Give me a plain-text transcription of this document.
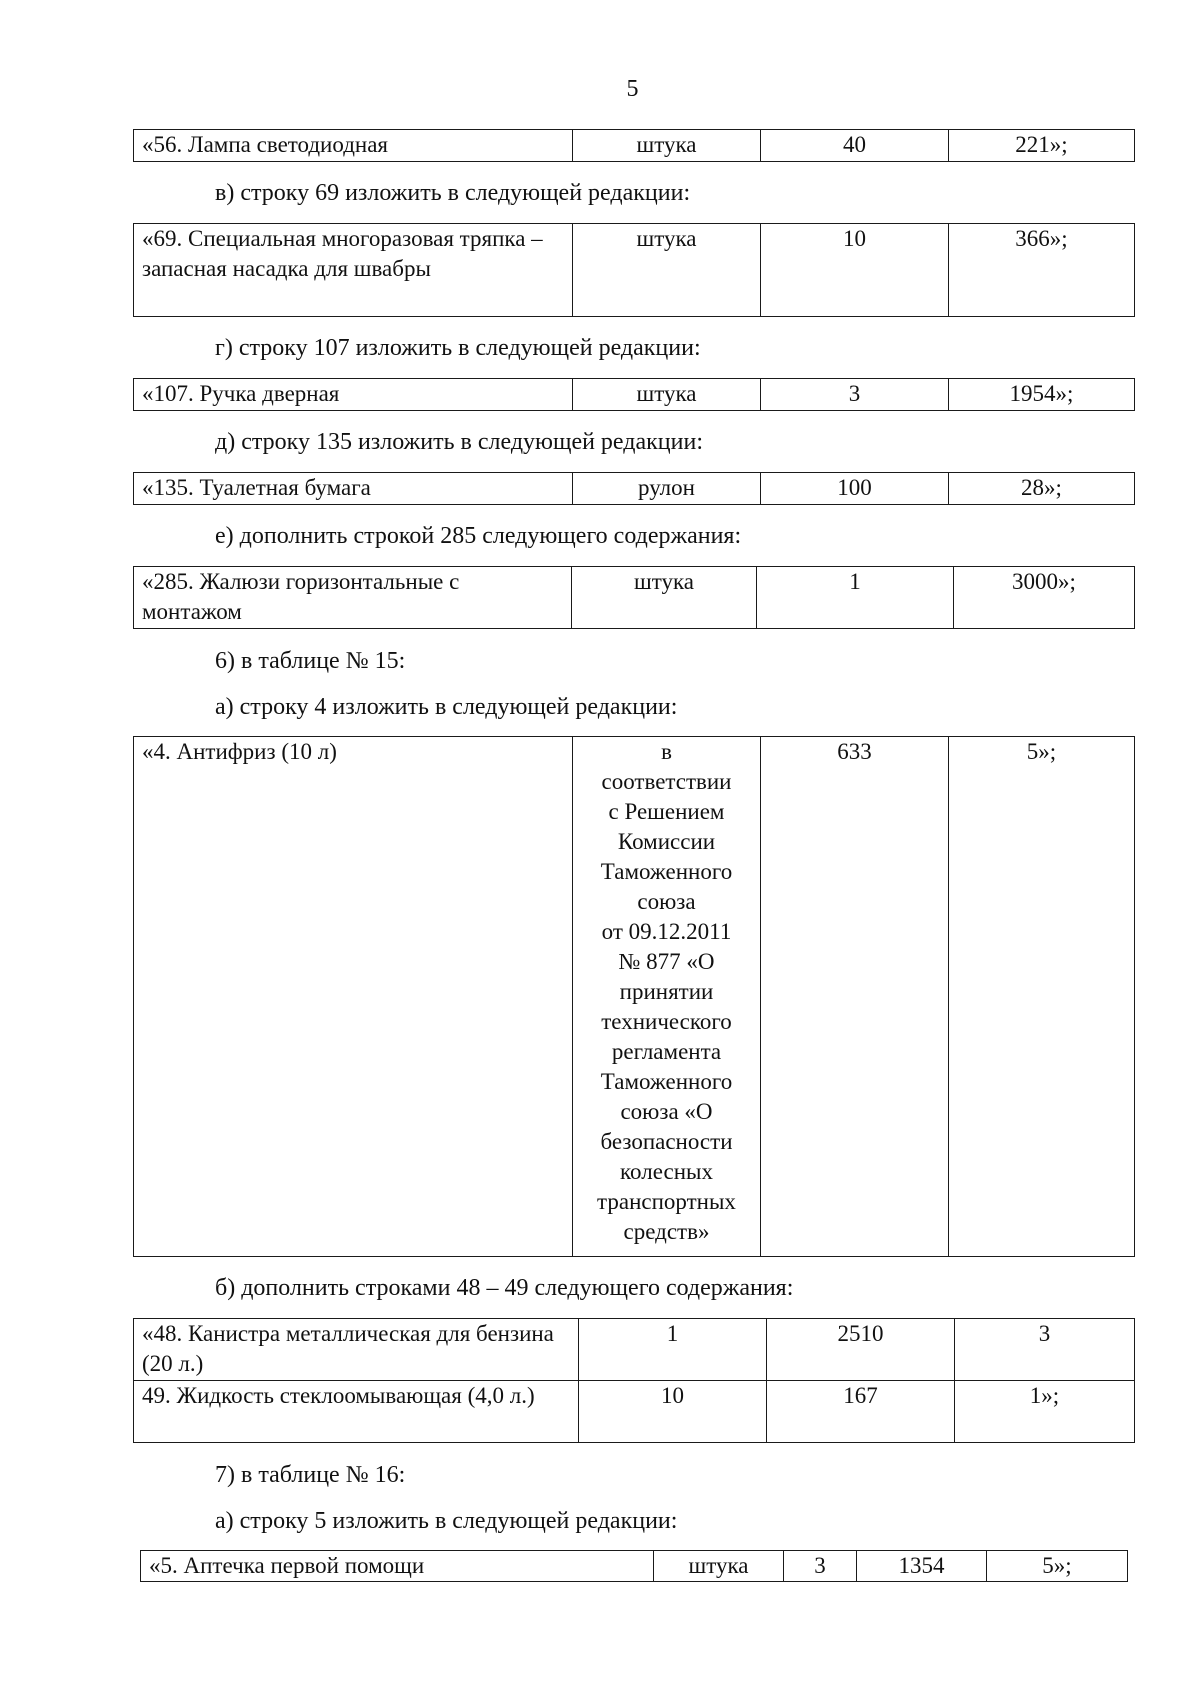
5
«56. Лампа светодиодная	штука	40	221»;

в) строку 69 изложить в следующей редакции:

«69. Специальная многоразовая тряпка – запасная насадка для швабры	штука	10	366»;

г) строку 107 изложить в следующей редакции:

«107. Ручка дверная	штука	3	1954»;

д) строку 135 изложить в следующей редакции:

«135. Туалетная бумага	рулон	100	28»;

е) дополнить строкой 285 следующего содержания:

«285. Жалюзи горизонтальные с монтажом	штука	1	3000»;

6) в таблице № 15:

а) строку 4 изложить в следующей редакции:

«4. Антифриз (10 л)	в
соответствии
с Решением
Комиссии
Таможенного
союза
от 09.12.2011
№ 877 «О
принятии
технического
регламента
Таможенного
союза «О
безопасности
колесных
транспортных
средств»
	633	5»;

б) дополнить строками 48 – 49 следующего содержания:

«48. Канистра металлическая для бензина (20 л.)	1	2510	3
49. Жидкость стеклоомывающая (4,0 л.)	10	167	1»;

7) в таблице № 16:

а) строку 5 изложить в следующей редакции:

«5. Аптечка первой помощи	штука	3	1354	5»;
